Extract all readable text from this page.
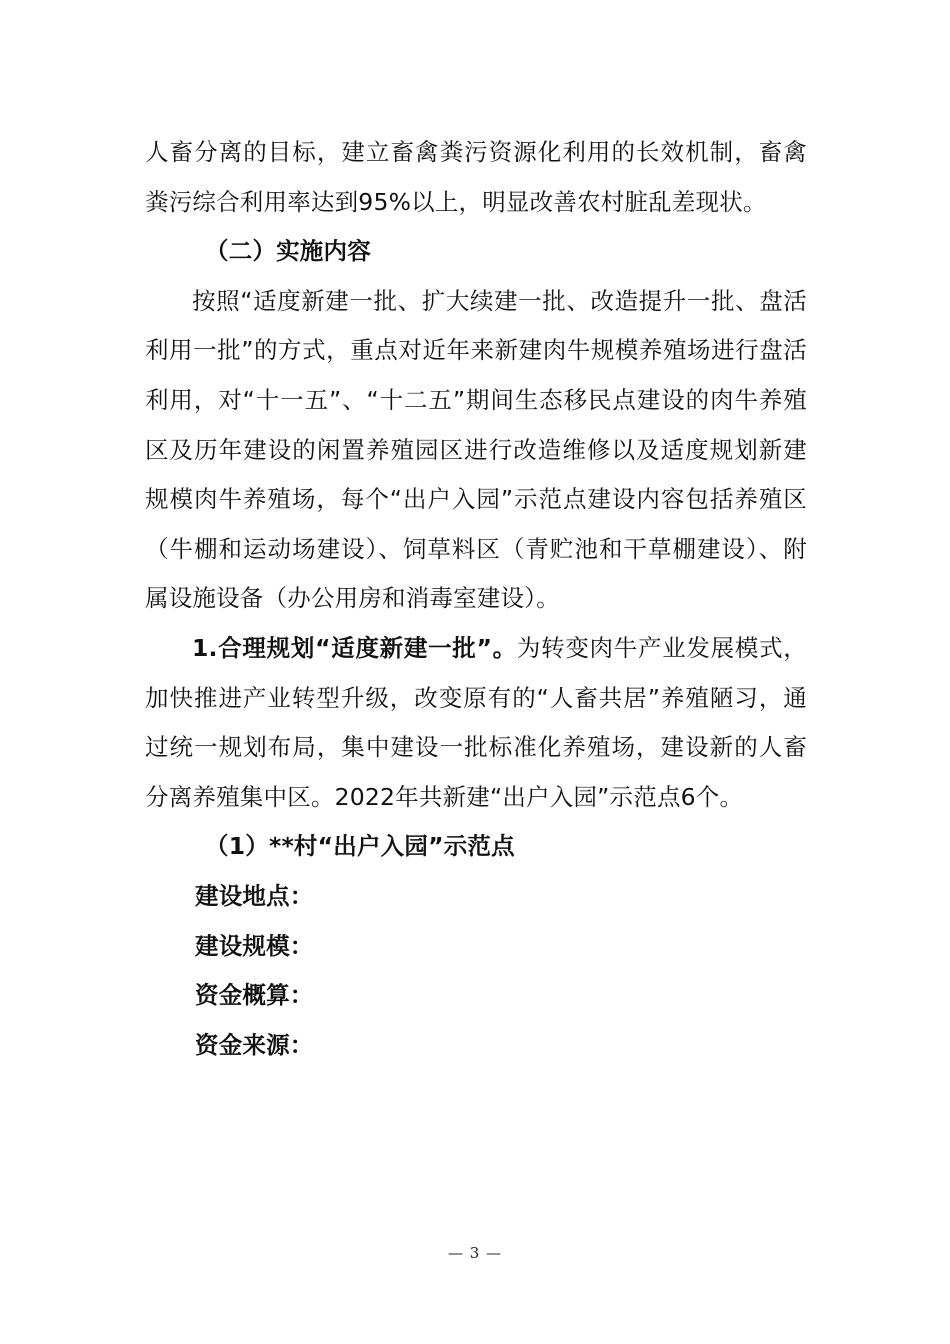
人畜分离的目标，建立畜禽粪污资源化利用的长效机制，畜禽粪污综合利用率达到95%以上，明显改善农村脏乱差现状。

（二）实施内容

按照“适度新建一批、扩大续建一批、改造提升一批、盘活利用一批”的方式，重点对近年来新建肉牛规模养殖场进行盘活利用，对“十一五”、“十二五”期间生态移民点建设的肉牛养殖区及历年建设的闲置养殖园区进行改造维修以及适度规划新建规模肉牛养殖场，每个“出户入园”示范点建设内容包括养殖区（牛棚和运动场建设）、饲草料区（青贮池和干草棚建设）、附属设施设备（办公用房和消毒室建设）。

1.合理规划“适度新建一批”。为转变肉牛产业发展模式，加快推进产业转型升级，改变原有的“人畜共居”养殖陋习，通过统一规划布局，集中建设一批标准化养殖场，建设新的人畜分离养殖集中区。2022年共新建“出户入园”示范点6个。

（1）**村“出户入园”示范点

建设地点：

建设规模：

资金概算：

资金来源：

— 3 —
